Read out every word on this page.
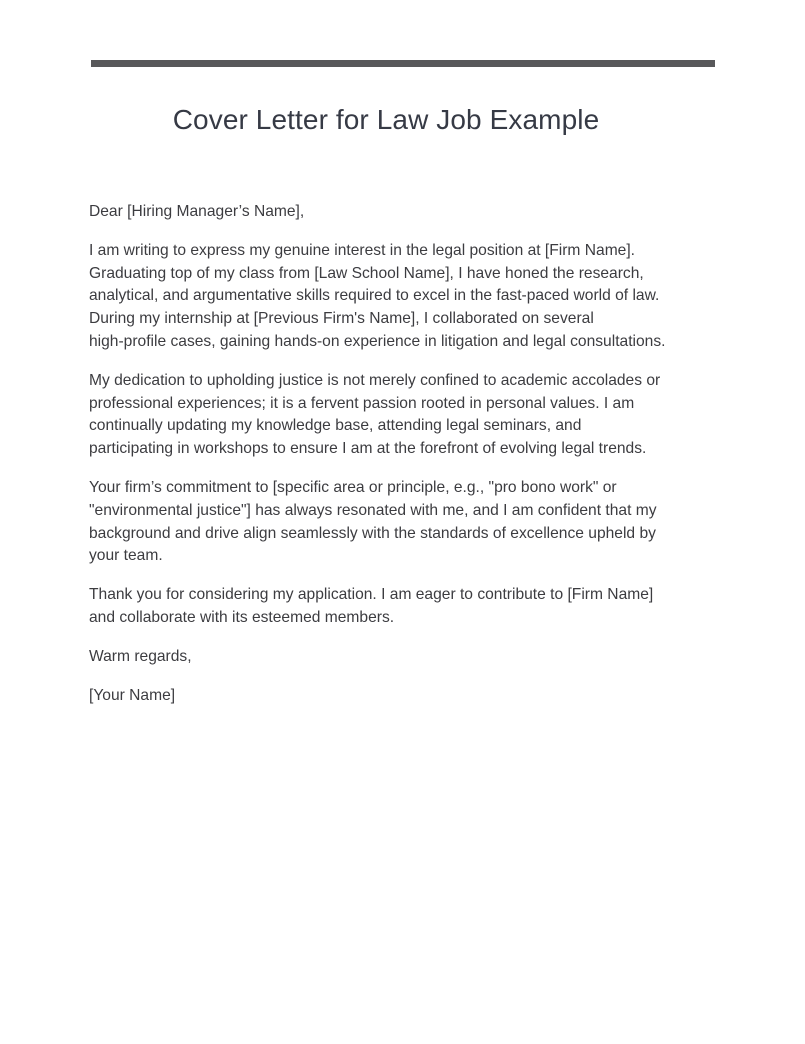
Cover Letter for Law Job Example

Dear [Hiring Manager’s Name],

I am writing to express my genuine interest in the legal position at [Firm Name].
Graduating top of my class from [Law School Name], I have honed the research,
analytical, and argumentative skills required to excel in the fast-paced world of law.
During my internship at [Previous Firm's Name], I collaborated on several
high-profile cases, gaining hands-on experience in litigation and legal consultations.

My dedication to upholding justice is not merely confined to academic accolades or
professional experiences; it is a fervent passion rooted in personal values. I am
continually updating my knowledge base, attending legal seminars, and
participating in workshops to ensure I am at the forefront of evolving legal trends.

Your firm’s commitment to [specific area or principle, e.g., "pro bono work" or
"environmental justice"] has always resonated with me, and I am confident that my
background and drive align seamlessly with the standards of excellence upheld by
your team.

Thank you for considering my application. I am eager to contribute to [Firm Name]
and collaborate with its esteemed members.

Warm regards,

[Your Name]
